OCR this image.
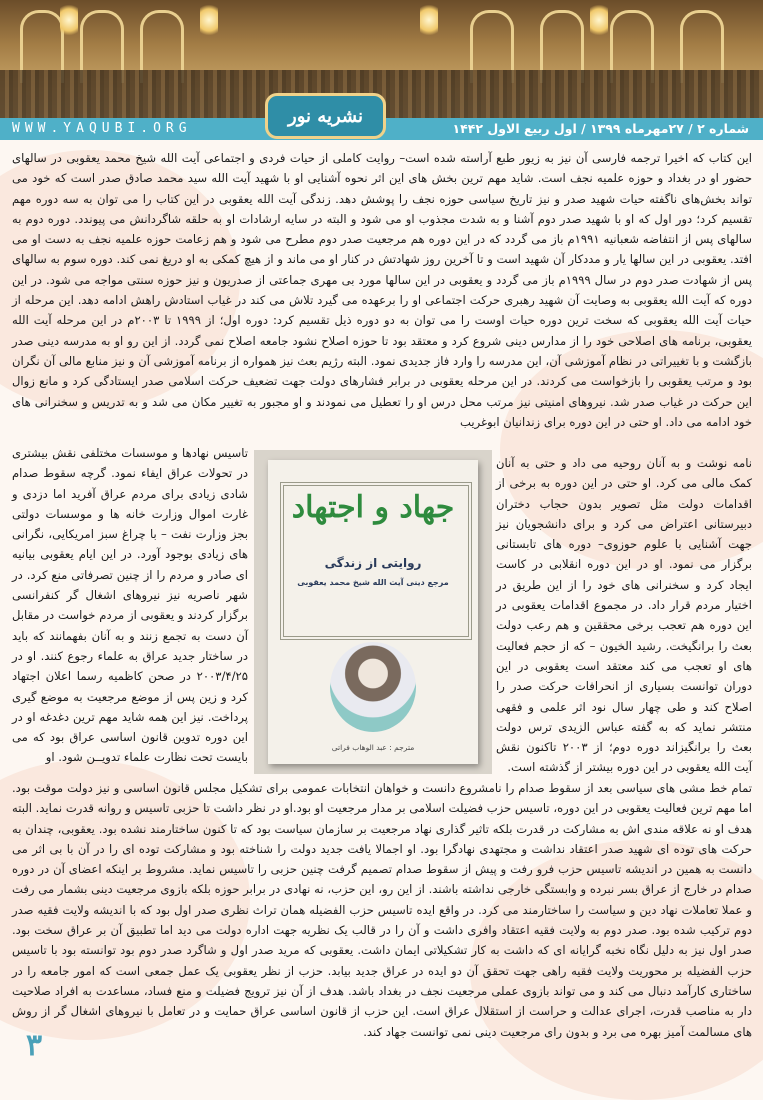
WWW.YAQUBI.ORG	شماره ۲ / ۲۷مهرماه ۱۳۹۹ / اول ربیع الاول ۱۴۴۲
نشریه نور
این کتاب که اخیرا ترجمه فارسی آن نیز به زیور طبع آراسته شده است– روایت کاملی از حیات فردی و اجتماعی آیت الله شیخ محمد یعقوبی در سالهای حضور او در بغداد و حوزه علمیه نجف است. شاید مهم ترین بخش های این اثر نحوه آشنایی او با شهید آیت الله سید محمد صادق صدر است که خود می تواند بخش‌های ناگفته حیات شهید صدر و نیز تاریخ سیاسی حوزه نجف را پوشش دهد. زندگی آیت الله یعقوبی در این کتاب را می توان به سه دوره مهم تقسیم کرد؛ دور اول که او با شهید صدر دوم آشنا و به شدت مجذوب او می شود و البته در سایه ارشادات او به حلقه شاگردانش می پیوندد. دوره دوم به سالهای پس از انتفاضه شعبانیه ۱۹۹۱م باز می گردد که در این دوره هم مرجعیت صدر دوم مطرح می شود و هم زعامت حوزه علمیه نجف به دست او می افتد. یعقوبی در این سالها یار و مددکار آن شهید است و تا آخرین روز شهادتش در کنار او می ماند و از هیچ کمکی به او دریغ نمی کند. دوره سوم به سالهای پس از شهادت صدر دوم در سال ۱۹۹۹م باز می گردد و یعقوبی در این سالها مورد بی مهری جماعتی از صدریون و نیز حوزه سنتی مواجه می شود. در این دوره که آیت الله یعقوبی به وصایت آن شهید رهبری حرکت اجتماعی او را برعهده می گیرد تلاش می کند در غیاب استادش راهش ادامه دهد. این مرحله از حیات آیت الله یعقوبی که سخت ترین دوره حیات اوست را می توان به دو دوره ذیل تقسیم کرد: دوره اول؛ از ۱۹۹۹ تا ۲۰۰۳م در این مرحله آیت الله یعقوبی، برنامه های اصلاحی خود را از مدارس دینی شروع کرد و معتقد بود تا حوزه اصلاح نشود جامعه اصلاح نمی گردد. از این رو او به مدرسه دینی صدر بازگشت و با تغییراتی در نظام آموزشی آن، این مدرسه را وارد فاز جدیدی نمود. البته رژیم بعث نیز همواره از برنامه آموزشی آن و نیز منابع مالی آن نگران بود و مرتب یعقوبی را بازخواست می کردند. در این مرحله یعقوبی در برابر فشارهای دولت جهت تضعیف حرکت اسلامی صدر ایستادگی کرد و مانع زوال این حرکت در غیاب صدر شد. نیروهای امنیتی نیز مرتب محل درس او را تعطیل می نمودند و او مجبور به تغییر مکان می شد و به تدریس و سخنرانی های خود ادامه می داد. او حتی در این دوره برای زندانیان ابوغریب
نامه نوشت و به آنان روحیه می داد و حتی به آنان کمک مالی می کرد. او حتی در این دوره به برخی از اقدامات دولت مثل تصویر بدون حجاب دختران دبیرستانی اعتراض می کرد و برای دانشجویان نیز جهت آشنایی با علوم حوزوی– دوره های تابستانی برگزار می نمود. او در این دوره انقلابی در کاست ایجاد کرد و سخنرانی های خود را از این طریق در اختیار مردم قرار داد. در مجموع اقدامات یعقوبی در این دوره هم تعجب برخی محققین و هم رعب دولت بعث را برانگیخت. رشید الخیون – که از حجم فعالیت های او تعجب می کند معتقد است یعقوبی در این دوران توانست بسیاری از انحرافات حرکت صدر را اصلاح کند و طی چهار سال نود اثر علمی و فقهی منتشر نماید که به گفته عباس الزیدی ترس دولت بعث را برانگیزاند دوره دوم؛ از ۲۰۰۳ تاکنون نقش آیت الله یعقوبی در این دوره بیشتر از گذشته است.
تاسیس نهادها و موسسات مختلفی نقش بیشتری در تحولات عراق ایفاء نمود. گرچه سقوط صدام شادی زیادی برای مردم عراق آفرید اما دزدی و غارت اموال وزارت خانه ها و موسسات دولتی بجز وزارت نفت – با چراغ سبز امریکایی، نگرانی های زیادی بوجود آورد. در این ایام یعقوبی بیانیه ای صادر و مردم را از چنین تصرفاتی منع کرد. در شهر ناصریه نیز نیروهای اشغال گر کنفرانسی برگزار کردند و یعقوبی از مردم خواست در مقابل آن دست به تجمع زنند و به آنان بفهمانند که باید در ساختار جدید عراق به علماء رجوع کنند. او در ۲۰۰۳/۴/۲۵ در صحن کاظمیه رسما اعلان اجتهاد کرد و زین پس از موضع مرجعیت به موضع گیری پرداخت. نیز این همه شاید مهم ترین دغدغه او در این دوره تدوین قانون اساسی عراق بود که می بایست تحت نظارت علماء تدویــن شود. او
جهاد و اجتهاد
روایتی از زندگی
مرجع دینی آیت الله شیخ محمد یعقوبی
مترجم : عبد الوهاب فراتی
تمام خط مشی های سیاسی بعد از سقوط صدام را نامشروع دانست و خواهان انتخابات عمومی برای تشکیل مجلس قانون اساسی و نیز دولت موقت بود. اما مهم ترین فعالیت یعقوبی در این دوره، تاسیس حزب فضیلت اسلامی بر مدار مرجعیت او بود.او در نظر داشت تا حزبی تاسیس و روانه قدرت نماید. البته هدف او نه علاقه مندی اش به مشارکت در قدرت بلکه تاثیر گذاری نهاد مرجعیت بر سازمان سیاست بود که تا کنون ساختارمند نشده بود. یعقوبی، چندان به حرکت های توده ای شهید صدر اعتقاد نداشت و مجتهدی نهادگرا بود. او اجمالا یافت جدید دولت را شناخته بود و مشارکت توده ای را در آن با بی اثر می دانست به همین در اندیشه تاسیس حزب فرو رفت و پیش از سقوط صدام تصمیم گرفت چنین حزبی را تاسیس نماید. مشروط بر اینکه اعضای آن در دوره صدام در خارج از عراق بسر نبرده و وابستگی خارجی نداشته باشند. از این رو، این حزب، نه نهادی در برابر حوزه بلکه بازوی مرجعیت دینی بشمار می رفت و عملا تعاملات نهاد دین و سیاست را ساختارمند می کرد. در واقع ایده تاسیس حزب الفضیله همان تراث نظری صدر اول بود که با اندیشه ولایت فقیه صدر دوم ترکیب شده بود. صدر دوم به ولایت فقیه اعتقاد وافری داشت و آن را در قالب یک نظریه جهت اداره دولت می دید اما تطبیق آن بر عراق سخت بود. صدر اول نیز به دلیل نگاه نخبه گرایانه ای که داشت به کار تشکیلاتی ایمان داشت. یعقوبی که مرید صدر اول و شاگرد صدر دوم بود توانسته بود با تاسیس حزب الفضیله بر محوریت ولایت فقیه راهی جهت تحقق آن دو ایده در عراق جدید بیابد. حزب از نظر یعقوبی یک عمل جمعی است که امور جامعه را در ساختاری کارآمد دنبال می کند و می تواند بازوی عملی مرجعیت نجف در بغداد باشد. هدف از آن نیز ترویج فضیلت و منع فساد، مساعدت به افراد صلاحیت دار به مناصب قدرت، اجرای عدالت و حراست از استقلال عراق است. این حزب از قانون اساسی عراق حمایت و در تعامل با نیروهای اشغال گر از روش های مسالمت آمیز بهره می برد و بدون رای مرجعیت دینی نمی توانست جهاد کند.
۳
